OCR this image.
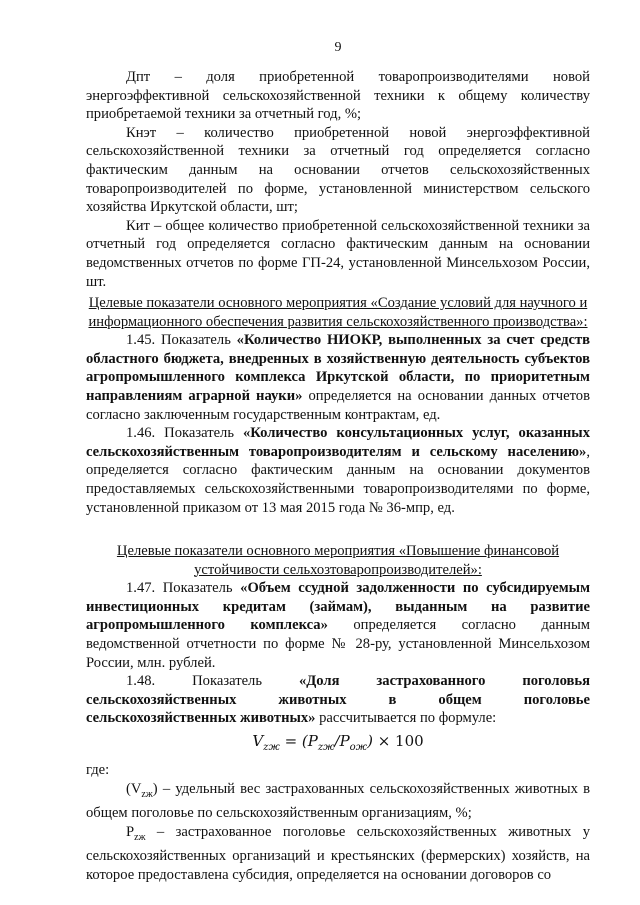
9

Дпт – доля приобретенной товаропроизводителями новой энергоэффективной сельскохозяйственной техники к общему количеству приобретаемой техники за отчетный год, %;

Кнэт – количество приобретенной новой энергоэффективной сельскохозяйственной техники за отчетный год определяется согласно фактическим данным на основании отчетов сельскохозяйственных товаропроизводителей по форме, установленной министерством сельского хозяйства Иркутской области, шт;

Кит – общее количество приобретенной сельскохозяйственной техники за отчетный год определяется согласно фактическим данным на основании ведомственных отчетов по форме ГП-24, установленной Минсельхозом России, шт.

Целевые показатели основного мероприятия «Создание условий для научного и информационного обеспечения развития сельскохозяйственного производства»:

1.45. Показатель «Количество НИОКР, выполненных за счет средств областного бюджета, внедренных в хозяйственную деятельность субъектов агропромышленного комплекса Иркутской области, по приоритетным направлениям аграрной науки» определяется на основании данных отчетов согласно заключенным государственным контрактам, ед.

1.46. Показатель «Количество консультационных услуг, оказанных сельскохозяйственным товаропроизводителям и сельскому населению», определяется согласно фактическим данным на основании документов предоставляемых сельскохозяйственными товаропроизводителями по форме, установленной приказом от 13 мая 2015 года № 36-мпр, ед.

Целевые показатели основного мероприятия «Повышение финансовой устойчивости сельхозтоваропроизводителей»:

1.47. Показатель «Объем ссудной задолженности по субсидируемым инвестиционных кредитам (займам), выданным на развитие агропромышленного комплекса» определяется согласно данным ведомственной отчетности по форме № 28-ру, установленной Минсельхозом России, млн. рублей.

1.48. Показатель «Доля застрахованного поголовья сельскохозяйственных животных в общем поголовье сельскохозяйственных животных» рассчитывается по формуле:

$V_{zж} = (P_{zж}/P_{ож}) \times 100$

где:

$(V_{zж})$ – удельный вес застрахованных сельскохозяйственных животных в общем поголовье по сельскохозяйственным организациям, %;

$P_{zж}$ – застрахованное поголовье сельскохозяйственных животных у сельскохозяйственных организаций и крестьянских (фермерских) хозяйств, на которое предоставлена субсидия, определяется на основании договоров со
